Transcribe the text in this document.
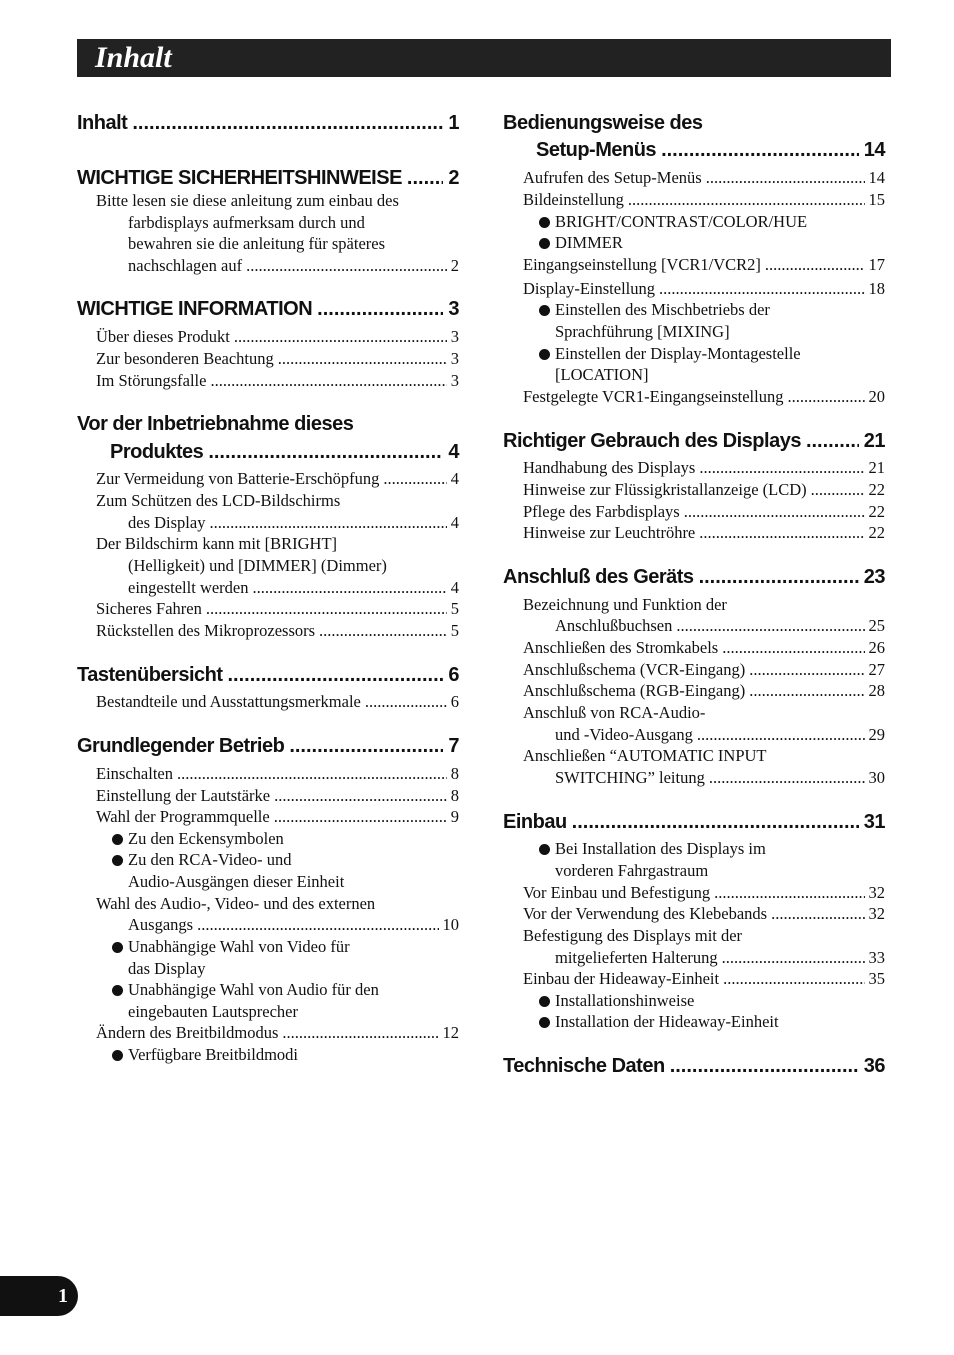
Inhalt
Inhalt .....	1
WICHTIGE SICHERHEITSHINWEISE ..... 2
Bitte lesen sie diese anleitung zum einbau des
farbdisplays aufmerksam durch und
bewahren sie die anleitung für späteres
nachschlagen auf .....	2
WICHTIGE INFORMATION .....	3
Über dieses Produkt .....	3
Zur besonderen Beachtung .....	3
Im Störungsfalle .....	3
Vor der Inbetriebnahme dieses
Produktes .....	4
Zur Vermeidung von Batterie-Erschöpfung .....	4
Zum Schützen des LCD-Bildschirms
des Display .....	4
Der Bildschirm kann mit [BRIGHT]
(Helligkeit) und [DIMMER] (Dimmer)
eingestellt werden .....	4
Sicheres Fahren .....	5
Rückstellen des Mikroprozessors .....	5
Tastenübersicht .....	6
Bestandteile und Ausstattungsmerkmale .....	6
Grundlegender Betrieb .....	7
Einschalten .....	8
Einstellung der Lautstärke .....	8
Wahl der Programmquelle .....	9
Zu den Eckensymbolen
Zu den RCA-Video- und
Audio-Ausgängen dieser Einheit
Wahl des Audio-, Video- und des externen
Ausgangs .....	10
Unabhängige Wahl von Video für
das Display
Unabhängige Wahl von Audio für den
eingebauten Lautsprecher
Ändern des Breitbildmodus .....	12
Verfügbare Breitbildmodi
Bedienungsweise des
Setup-Menüs .....	14
Aufrufen des Setup-Menüs .....	14
Bildeinstellung .....	15
BRIGHT/CONTRAST/COLOR/HUE
DIMMER
Eingangseinstellung [VCR1/VCR2] .....	17
Display-Einstellung .....	18
Einstellen des Mischbetriebs der
Sprachführung [MIXING]
Einstellen der Display-Montagestelle
[LOCATION]
Festgelegte VCR1-Eingangseinstellung .....	20
Richtiger Gebrauch des Displays .....	21
Handhabung des Displays .....	21
Hinweise zur Flüssigkristallanzeige (LCD) .....	22
Pflege des Farbdisplays .....	22
Hinweise zur Leuchtröhre .....	22
Anschluß des Geräts .....	23
Bezeichnung und Funktion der
Anschlußbuchsen .....	25
Anschließen des Stromkabels .....	26
Anschlußschema (VCR-Eingang) .....	27
Anschlußschema (RGB-Eingang) .....	28
Anschluß von RCA-Audio-
und -Video-Ausgang .....	29
Anschließen “AUTOMATIC INPUT
SWITCHING” leitung .....	30
Einbau .....	31
Bei Installation des Displays im
vorderen Fahrgastraum
Vor Einbau und Befestigung .....	32
Vor der Verwendung des Klebebands .....	32
Befestigung des Displays mit der
mitgelieferten Halterung .....	33
Einbau der Hideaway-Einheit .....	35
Installationshinweise
Installation der Hideaway-Einheit
Technische Daten .....	36
1
